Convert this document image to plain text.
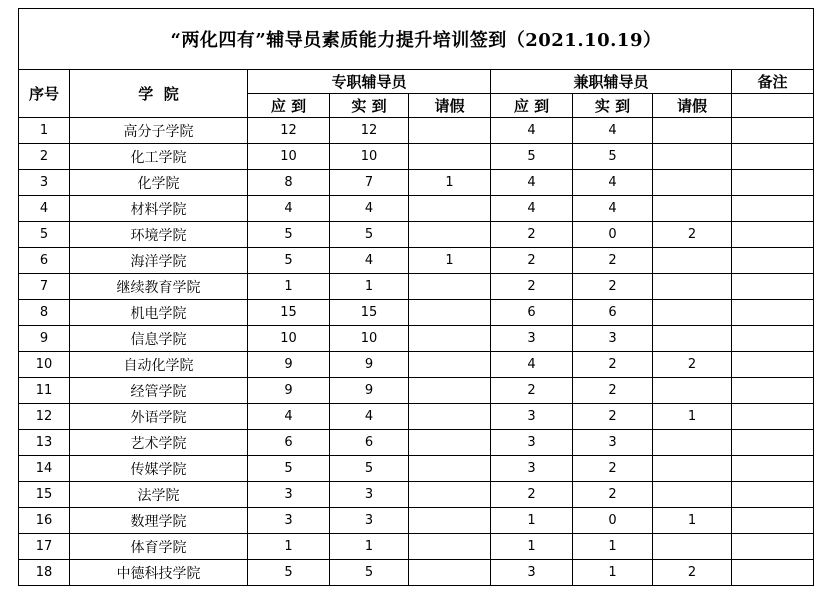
“两化四有”辅导员素质能力提升培训签到（2021.10.19）								
序号	学  院	专职辅导员			兼职辅导员			备注
		应 到	实 到	请假	应 到	实 到	请假	
1	高分子学院	12	12		4	4		
2	化工学院	10	10		5	5		
3	化学院	8	7	1	4	4		
4	材料学院	4	4		4	4		
5	环境学院	5	5		2	0	2	
6	海洋学院	5	4	1	2	2		
7	继续教育学院	1	1		2	2		
8	机电学院	15	15		6	6		
9	信息学院	10	10		3	3		
10	自动化学院	9	9		4	2	2	
11	经管学院	9	9		2	2		
12	外语学院	4	4		3	2	1	
13	艺术学院	6	6		3	3		
14	传媒学院	5	5		3	2		
15	法学院	3	3		2	2		
16	数理学院	3	3		1	0	1	
17	体育学院	1	1		1	1		
18	中德科技学院	5	5		3	1	2	
